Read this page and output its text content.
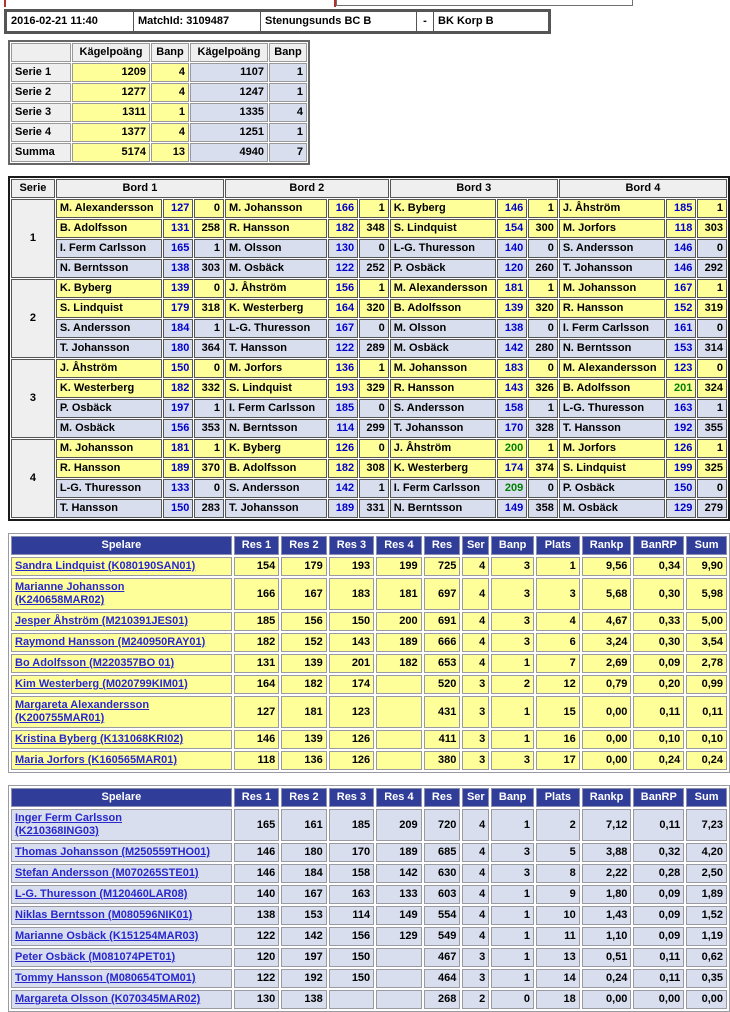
2016-02-21 11:40	MatchId: 3109487	Stenungsunds BC B	-	BK Korp B
	Kägelpoäng	Banp	Kägelpoäng	Banp
Serie 1	1209	4	1107	1
Serie 2	1277	4	1247	1
Serie 3	1311	1	1335	4
Serie 4	1377	4	1251	1
Summa	5174	13	4940	7
Serie	Bord 1			Bord 2			Bord 3			Bord 4		
1	M. Alexandersson	127	0	M. Johansson	166	1	K. Byberg	146	1	J. Åhström	185	1
	B. Adolfsson	131	258	R. Hansson	182	348	S. Lindquist	154	300	M. Jorfors	118	303
	I. Ferm Carlsson	165	1	M. Olsson	130	0	L-G. Thuresson	140	0	S. Andersson	146	0
	N. Berntsson	138	303	M. Osbäck	122	252	P. Osbäck	120	260	T. Johansson	146	292
2	K. Byberg	139	0	J. Åhström	156	1	M. Alexandersson	181	1	M. Johansson	167	1
	S. Lindquist	179	318	K. Westerberg	164	320	B. Adolfsson	139	320	R. Hansson	152	319
	S. Andersson	184	1	L-G. Thuresson	167	0	M. Olsson	138	0	I. Ferm Carlsson	161	0
	T. Johansson	180	364	T. Hansson	122	289	M. Osbäck	142	280	N. Berntsson	153	314
3	J. Åhström	150	0	M. Jorfors	136	1	M. Johansson	183	0	M. Alexandersson	123	0
	K. Westerberg	182	332	S. Lindquist	193	329	R. Hansson	143	326	B. Adolfsson	201	324
	P. Osbäck	197	1	I. Ferm Carlsson	185	0	S. Andersson	158	1	L-G. Thuresson	163	1
	M. Osbäck	156	353	N. Berntsson	114	299	T. Johansson	170	328	T. Hansson	192	355
4	M. Johansson	181	1	K. Byberg	126	0	J. Åhström	200	1	M. Jorfors	126	1
	R. Hansson	189	370	B. Adolfsson	182	308	K. Westerberg	174	374	S. Lindquist	199	325
	L-G. Thuresson	133	0	S. Andersson	142	1	I. Ferm Carlsson	209	0	P. Osbäck	150	0
	T. Hansson	150	283	T. Johansson	189	331	N. Berntsson	149	358	M. Osbäck	129	279
Spelare	Res 1	Res 2	Res 3	Res 4	Res	Ser	Banp	Plats	Rankp	BanRP	Sum
Sandra Lindquist (K080190SAN01)	154	179	193	199	725	4	3	1	9,56	0,34	9,90
Marianne Johansson
(K240658MAR02)	166	167	183	181	697	4	3	3	5,68	0,30	5,98
Jesper Åhström (M210391JES01)	185	156	150	200	691	4	3	4	4,67	0,33	5,00
Raymond Hansson (M240950RAY01)	182	152	143	189	666	4	3	6	3,24	0,30	3,54
Bo Adolfsson (M220357BO 01)	131	139	201	182	653	4	1	7	2,69	0,09	2,78
Kim Westerberg (M020799KIM01)	164	182	174		520	3	2	12	0,79	0,20	0,99
Margareta Alexandersson
(K200755MAR01)	127	181	123		431	3	1	15	0,00	0,11	0,11
Kristina Byberg (K131068KRI02)	146	139	126		411	3	1	16	0,00	0,10	0,10
Maria Jorfors (K160565MAR01)	118	136	126		380	3	3	17	0,00	0,24	0,24
Spelare	Res 1	Res 2	Res 3	Res 4	Res	Ser	Banp	Plats	Rankp	BanRP	Sum
Inger Ferm Carlsson
(K210368ING03)	165	161	185	209	720	4	1	2	7,12	0,11	7,23
Thomas Johansson (M250559THO01)	146	180	170	189	685	4	3	5	3,88	0,32	4,20
Stefan Andersson (M070265STE01)	146	184	158	142	630	4	3	8	2,22	0,28	2,50
L-G. Thuresson (M120460LAR08)	140	167	163	133	603	4	1	9	1,80	0,09	1,89
Niklas Berntsson (M080596NIK01)	138	153	114	149	554	4	1	10	1,43	0,09	1,52
Marianne Osbäck (K151254MAR03)	122	142	156	129	549	4	1	11	1,10	0,09	1,19
Peter Osbäck (M081074PET01)	120	197	150		467	3	1	13	0,51	0,11	0,62
Tommy Hansson (M080654TOM01)	122	192	150		464	3	1	14	0,24	0,11	0,35
Margareta Olsson (K070345MAR02)	130	138			268	2	0	18	0,00	0,00	0,00
